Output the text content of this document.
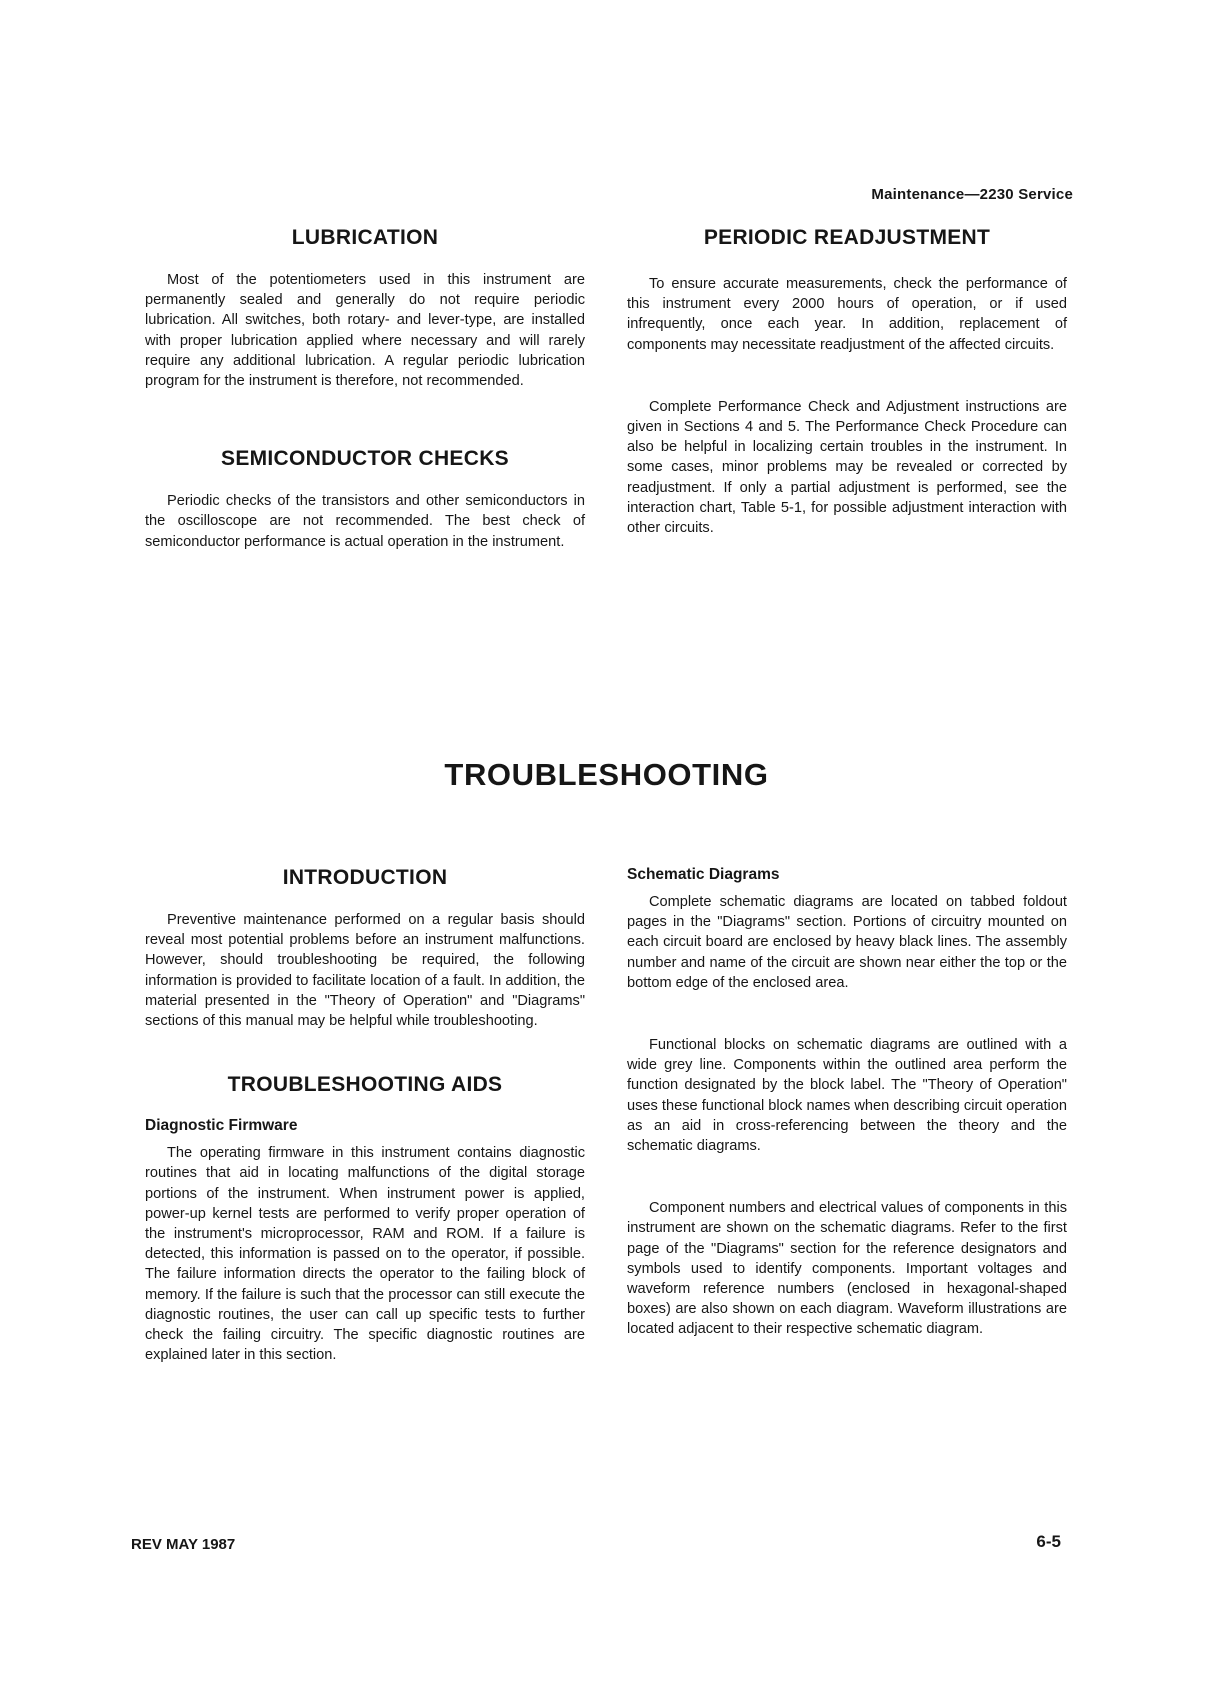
Maintenance—2230 Service
LUBRICATION

Most of the potentiometers used in this instrument are permanently sealed and generally do not require periodic lubrication. All switches, both rotary- and lever-type, are installed with proper lubrication applied where necessary and will rarely require any additional lubrication. A regular periodic lubrication program for the instrument is therefore, not recommended.

SEMICONDUCTOR CHECKS

Periodic checks of the transistors and other semiconductors in the oscilloscope are not recommended. The best check of semiconductor performance is actual operation in the instrument.

PERIODIC READJUSTMENT

To ensure accurate measurements, check the performance of this instrument every 2000 hours of operation, or if used infrequently, once each year. In addition, replacement of components may necessitate readjustment of the affected circuits.

Complete Performance Check and Adjustment instructions are given in Sections 4 and 5. The Performance Check Procedure can also be helpful in localizing certain troubles in the instrument. In some cases, minor problems may be revealed or corrected by readjustment. If only a partial adjustment is performed, see the interaction chart, Table 5-1, for possible adjustment interaction with other circuits.

TROUBLESHOOTING
INTRODUCTION

Preventive maintenance performed on a regular basis should reveal most potential problems before an instrument malfunctions. However, should troubleshooting be required, the following information is provided to facilitate location of a fault. In addition, the material presented in the "Theory of Operation" and "Diagrams" sections of this manual may be helpful while troubleshooting.

TROUBLESHOOTING AIDS
Diagnostic Firmware

The operating firmware in this instrument contains diagnostic routines that aid in locating malfunctions of the digital storage portions of the instrument. When instrument power is applied, power-up kernel tests are performed to verify proper operation of the instrument's microprocessor, RAM and ROM. If a failure is detected, this information is passed on to the operator, if possible. The failure information directs the operator to the failing block of memory. If the failure is such that the processor can still execute the diagnostic routines, the user can call up specific tests to further check the failing circuitry. The specific diagnostic routines are explained later in this section.

Schematic Diagrams

Complete schematic diagrams are located on tabbed foldout pages in the "Diagrams" section. Portions of circuitry mounted on each circuit board are enclosed by heavy black lines. The assembly number and name of the circuit are shown near either the top or the bottom edge of the enclosed area.

Functional blocks on schematic diagrams are outlined with a wide grey line. Components within the outlined area perform the function designated by the block label. The "Theory of Operation" uses these functional block names when describing circuit operation as an aid in cross-referencing between the theory and the schematic diagrams.

Component numbers and electrical values of components in this instrument are shown on the schematic diagrams. Refer to the first page of the "Diagrams" section for the reference designators and symbols used to identify components. Important voltages and waveform reference numbers (enclosed in hexagonal-shaped boxes) are also shown on each diagram. Waveform illustrations are located adjacent to their respective schematic diagram.

REV MAY 1987	6-5
